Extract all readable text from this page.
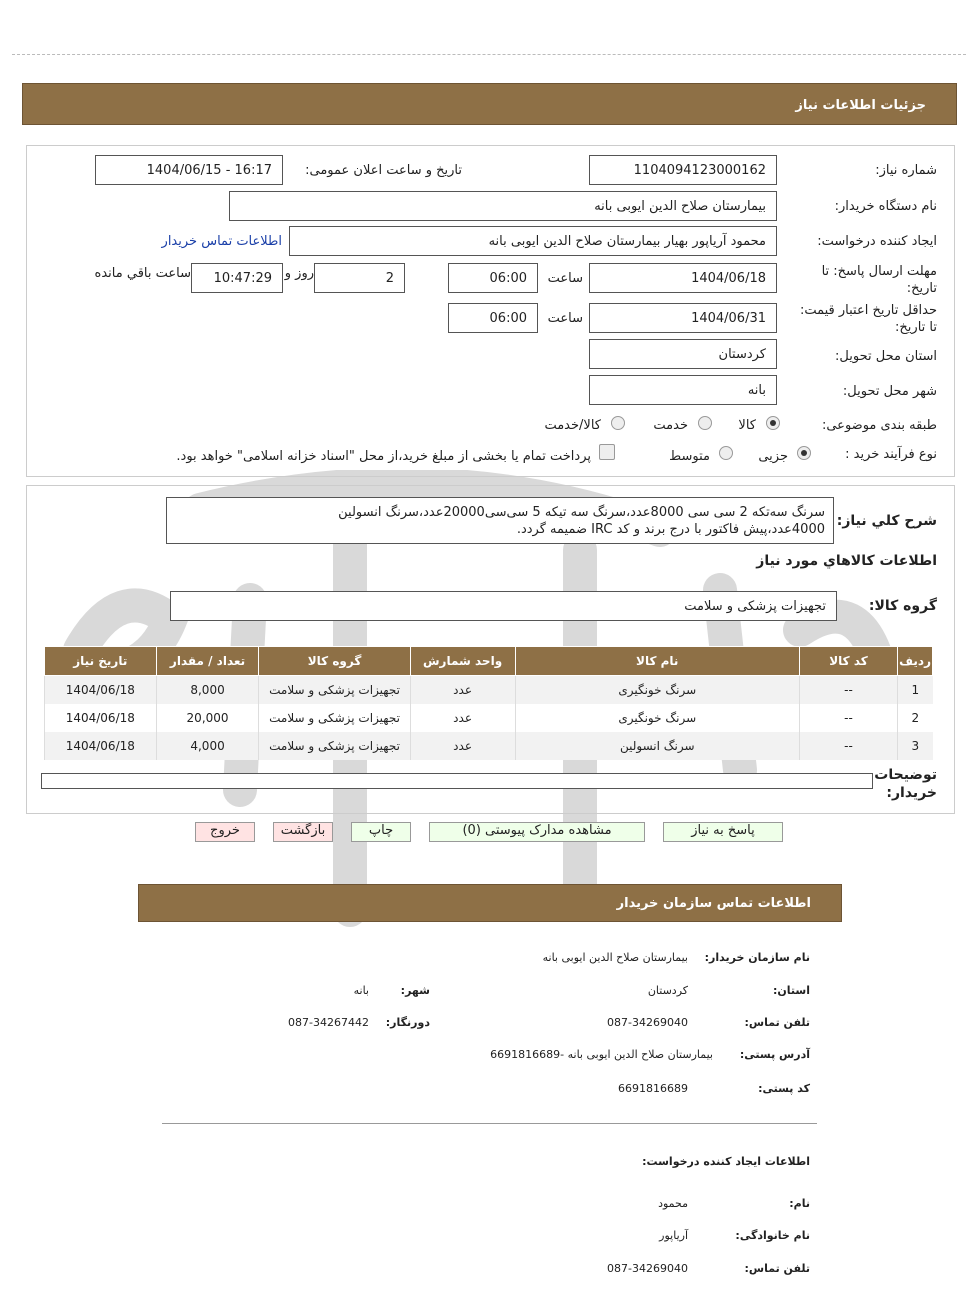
جزئیات اطلاعات نیاز
شماره نیاز:
1104094123000162
تاریخ و ساعت اعلان عمومی:
1404/06/15 - 16:17
نام دستگاه خریدار:
بیمارستان صلاح الدین ایوبی بانه
ایجاد کننده درخواست:
محمود آریاپور بهیار بیمارستان صلاح الدین ایوبی بانه
اطلاعات تماس خریدار
مهلت ارسال پاسخ: تا
تاریخ:
1404/06/18
ساعت
06:00
2
روز و
10:47:29
ساعت باقي مانده
حداقل تاریخ اعتبار قیمت:
تا تاریخ:
1404/06/31
ساعت
06:00
استان محل تحویل:
کردستان
شهر محل تحویل:
بانه
طبقه بندی موضوعی:
کالا
خدمت
کالا/خدمت
نوع فرآیند خرید :
جزیی
متوسط
پرداخت تمام یا بخشی از مبلغ خرید،از محل "اسناد خزانه اسلامی" خواهد بود.
شرح كلي نياز:
سرنگ سه‌تکه 2 سی سی 8000عدد،سرنگ سه تیکه 5 سی‌سی20000عدد،سرنگ انسولین
4000عدد،پیش فاکتور با درج برند و کد IRC ضمیمه گردد.
اطلاعات كالاهاي مورد نياز
گروه کالا:
تجهیزات پزشکی و سلامت
ردیف	کد کالا	نام کالا	واحد شمارش	گروه کالا	تعداد / مقدار	تاریخ نیاز
1	--	سرنگ خونگیری	عدد	تجهیزات پزشکی و سلامت	8,000	1404/06/18
2	--	سرنگ خونگیری	عدد	تجهیزات پزشکی و سلامت	20,000	1404/06/18
3	--	سرنگ انسولین	عدد	تجهیزات پزشکی و سلامت	4,000	1404/06/18
توضیحات
خریدار:
پاسخ به نیاز
مشاهده مدارک پیوستی (0)
چاپ
بازگشت
خروج
اطلاعات تماس سازمان خریدار
نام سازمان خریدار:
بیمارستان صلاح الدین ایوبی بانه
استان:
کردستان
شهر:
بانه
تلفن تماس:
087-34269040
دورنگار:
087-34267442
آدرس پستی:
بیمارستان صلاح الدین ایوبی بانه -6691816689
کد پستی:
6691816689
اطلاعات ایجاد کننده درخواست:
نام:
محمود
نام خانوادگی:
آریاپور
تلفن تماس:
087-34269040
